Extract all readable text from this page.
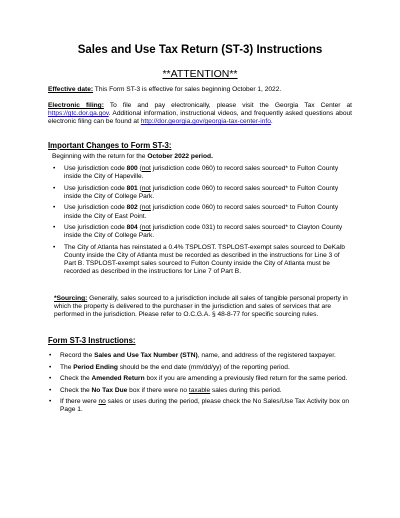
Sales and Use Tax Return (ST-3) Instructions
**ATTENTION**
Effective date: This Form ST-3 is effective for sales beginning October 1, 2022.
Electronic filing: To file and pay electronically, please visit the Georgia Tax Center at https://gtc.dor.ga.gov. Additional information, instructional videos, and frequently asked questions about electronic filing can be found at http://dor.georgia.gov/georgia-tax-center-info.
Important Changes to Form ST-3:
Beginning with the return for the October 2022 period.
• Use jurisdiction code 800 (not jurisdiction code 060) to record sales sourced* to Fulton County inside the City of Hapeville.
• Use jurisdiction code 801 (not jurisdiction code 060) to record sales sourced* to Fulton County inside the City of College Park.
• Use jurisdiction code 802 (not jurisdiction code 060) to record sales sourced* to Fulton County inside the City of East Point.
• Use jurisdiction code 804 (not jurisdiction code 031) to record sales sourced* to Clayton County inside the City of College Park.
• The City of Atlanta has reinstated a 0.4% TSPLOST. TSPLOST-exempt sales sourced to DeKalb County inside the City of Atlanta must be recorded as described in the instructions for Line 3 of Part B. TSPLOST-exempt sales sourced to Fulton County inside the City of Atlanta must be recorded as described in the instructions for Line 7 of Part B.
*Sourcing: Generally, sales sourced to a jurisdiction include all sales of tangible personal property in which the property is delivered to the purchaser in the jurisdiction and sales of services that are performed in the jurisdiction. Please refer to O.C.G.A. § 48-8-77 for specific sourcing rules.
Form ST-3 Instructions:
• Record the Sales and Use Tax Number (STN), name, and address of the registered taxpayer.
• The Period Ending should be the end date (mm/dd/yy) of the reporting period.
• Check the Amended Return box if you are amending a previously filed return for the same period.
• Check the No Tax Due box if there were no taxable sales during this period.
• If there were no sales or uses during the period, please check the No Sales/Use Tax Activity box on Page 1.
